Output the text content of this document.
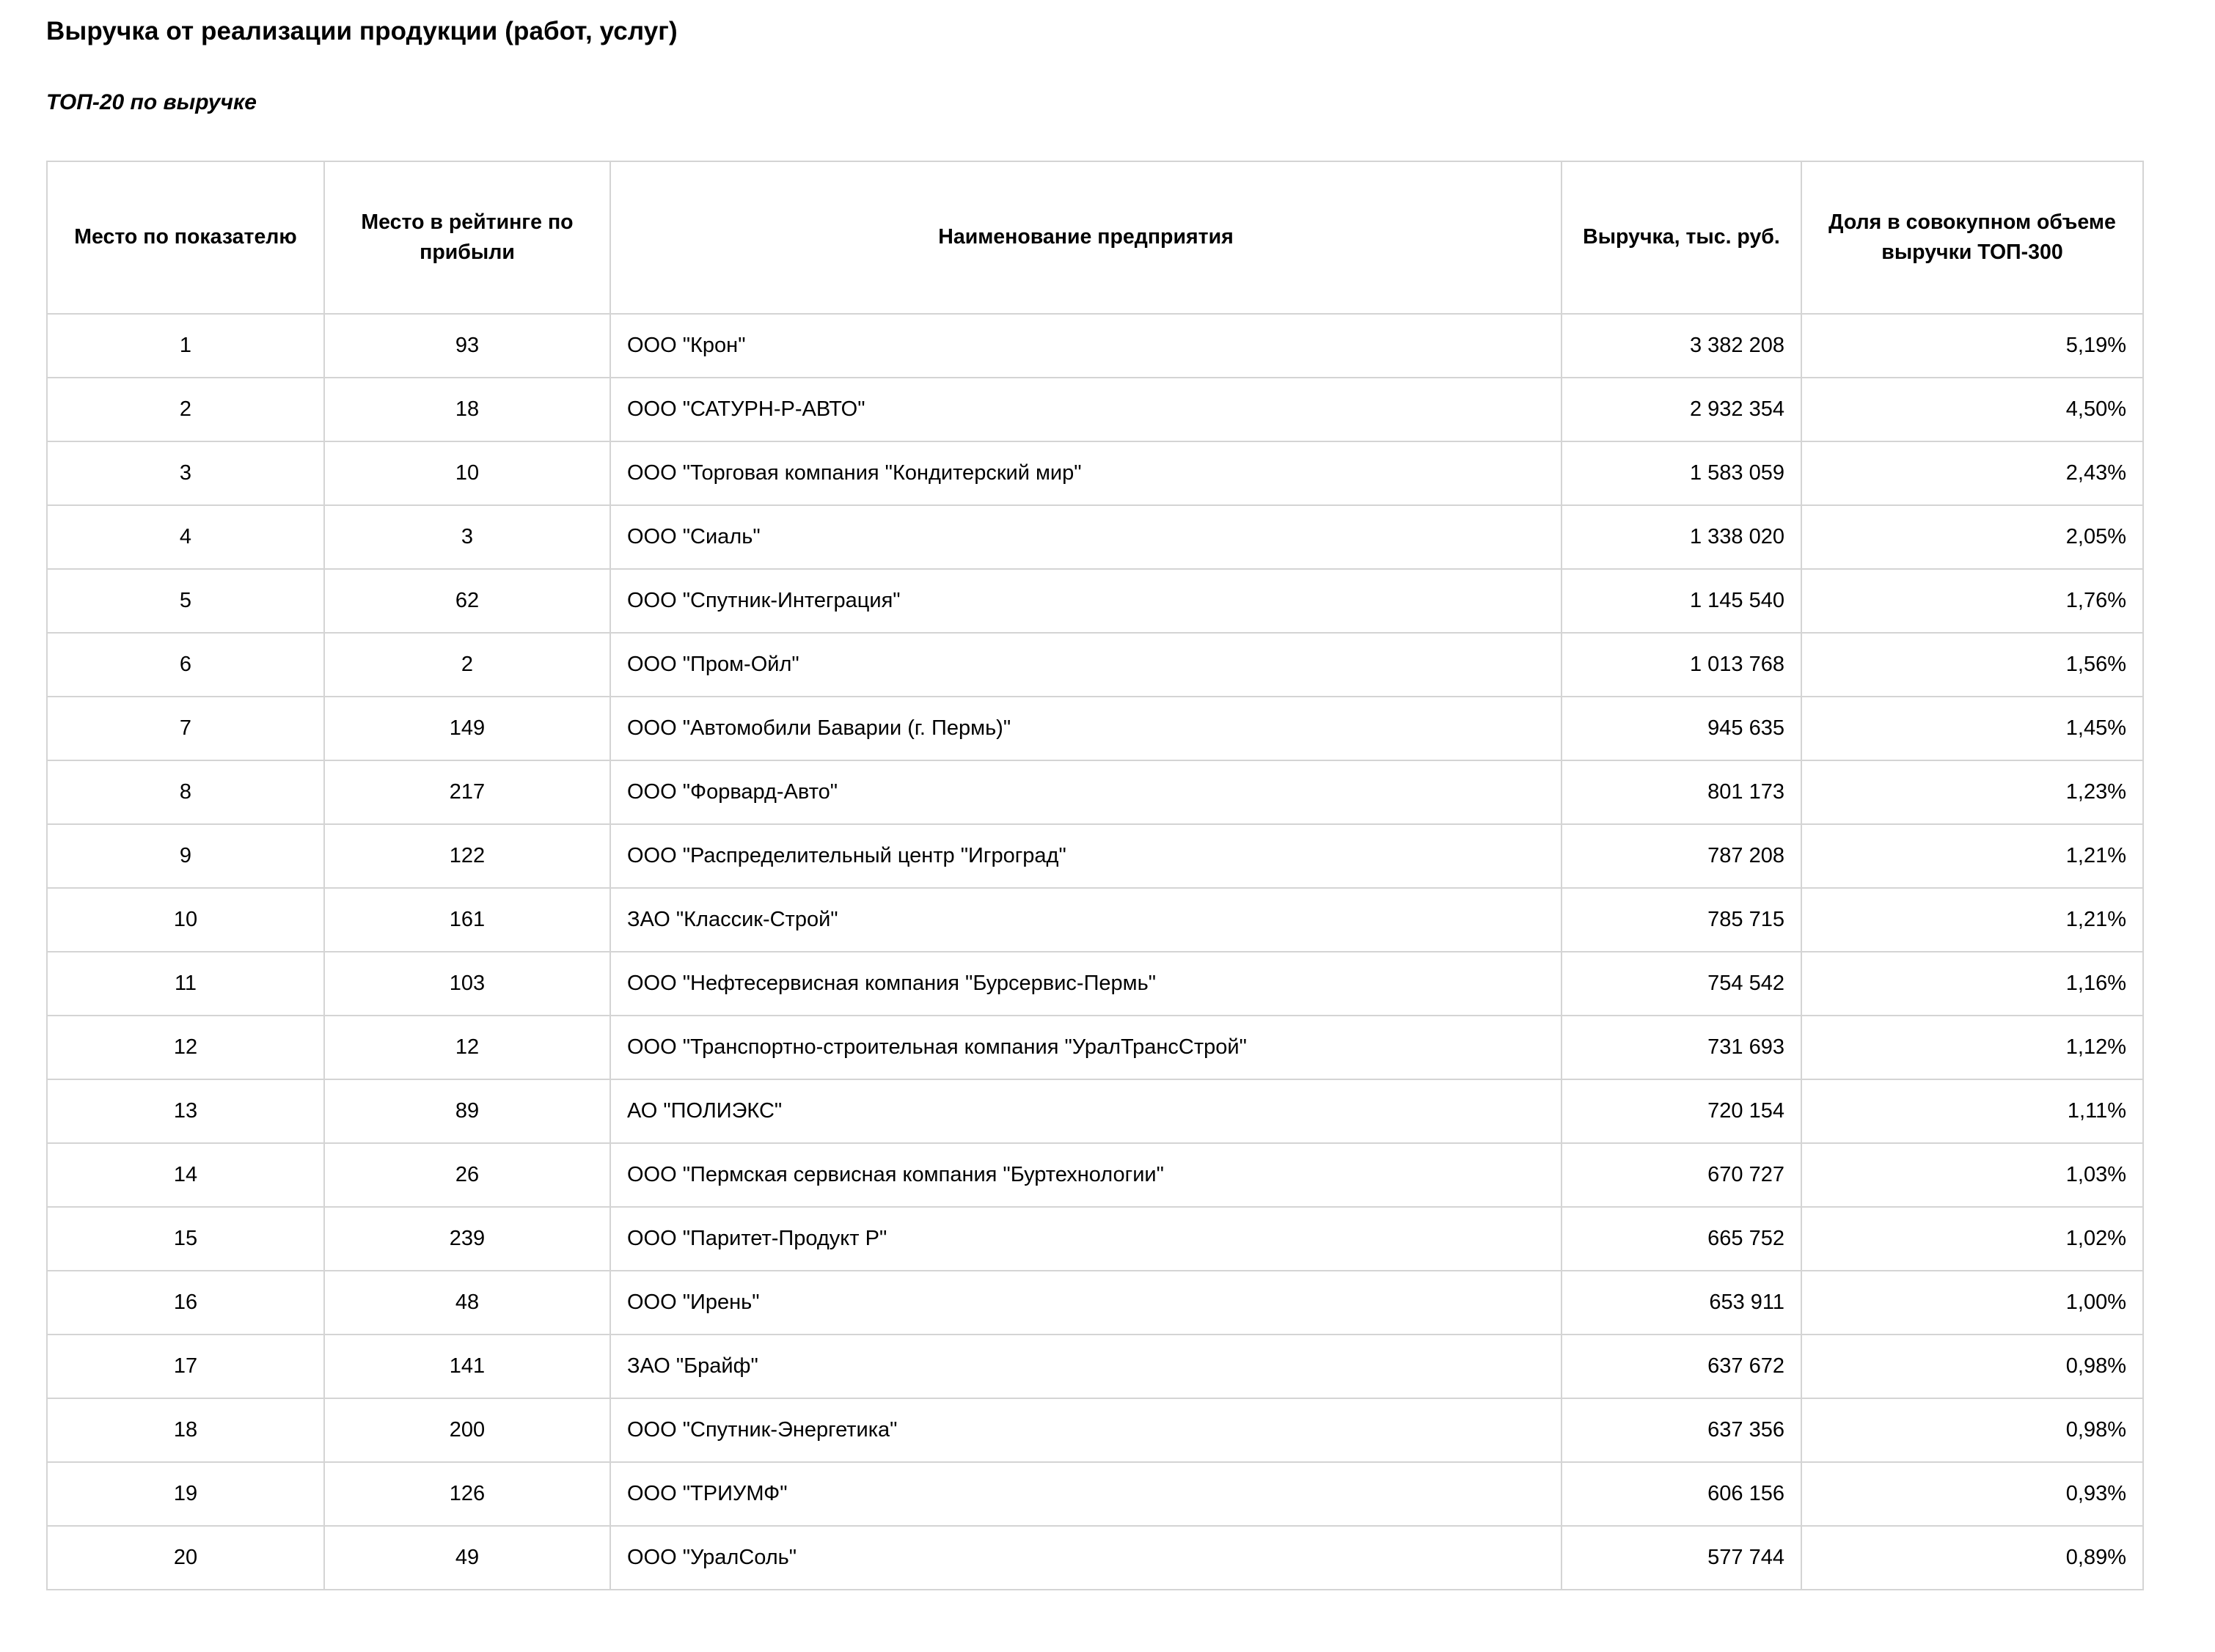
Выручка от реализации продукции (работ, услуг)
ТОП-20 по выручке
Место по показателю	Место в рейтинге по прибыли	Наименование предприятия	Выручка, тыс. руб.	Доля в совокупном объеме выручки ТОП-300
1	93	ООО "Крон"	3 382 208	5,19%
2	18	ООО "САТУРН-Р-АВТО"	2 932 354	4,50%
3	10	ООО "Торговая компания "Кондитерский мир"	1 583 059	2,43%
4	3	ООО "Сиаль"	1 338 020	2,05%
5	62	ООО "Спутник-Интеграция"	1 145 540	1,76%
6	2	ООО "Пром-Ойл"	1 013 768	1,56%
7	149	ООО "Автомобили Баварии (г. Пермь)"	945 635	1,45%
8	217	ООО "Форвард-Авто"	801 173	1,23%
9	122	ООО "Распределительный центр "Игроград"	787 208	1,21%
10	161	ЗАО "Классик-Строй"	785 715	1,21%
11	103	ООО "Нефтесервисная компания "Бурсервис-Пермь"	754 542	1,16%
12	12	ООО "Транспортно-строительная компания "УралТрансСтрой"	731 693	1,12%
13	89	АО "ПОЛИЭКС"	720 154	1,11%
14	26	ООО "Пермская сервисная компания "Буртехнологии"	670 727	1,03%
15	239	ООО "Паритет-Продукт Р"	665 752	1,02%
16	48	ООО "Ирень"	653 911	1,00%
17	141	ЗАО "Брайф"	637 672	0,98%
18	200	ООО "Спутник-Энергетика"	637 356	0,98%
19	126	ООО "ТРИУМФ"	606 156	0,93%
20	49	ООО "УралСоль"	577 744	0,89%
